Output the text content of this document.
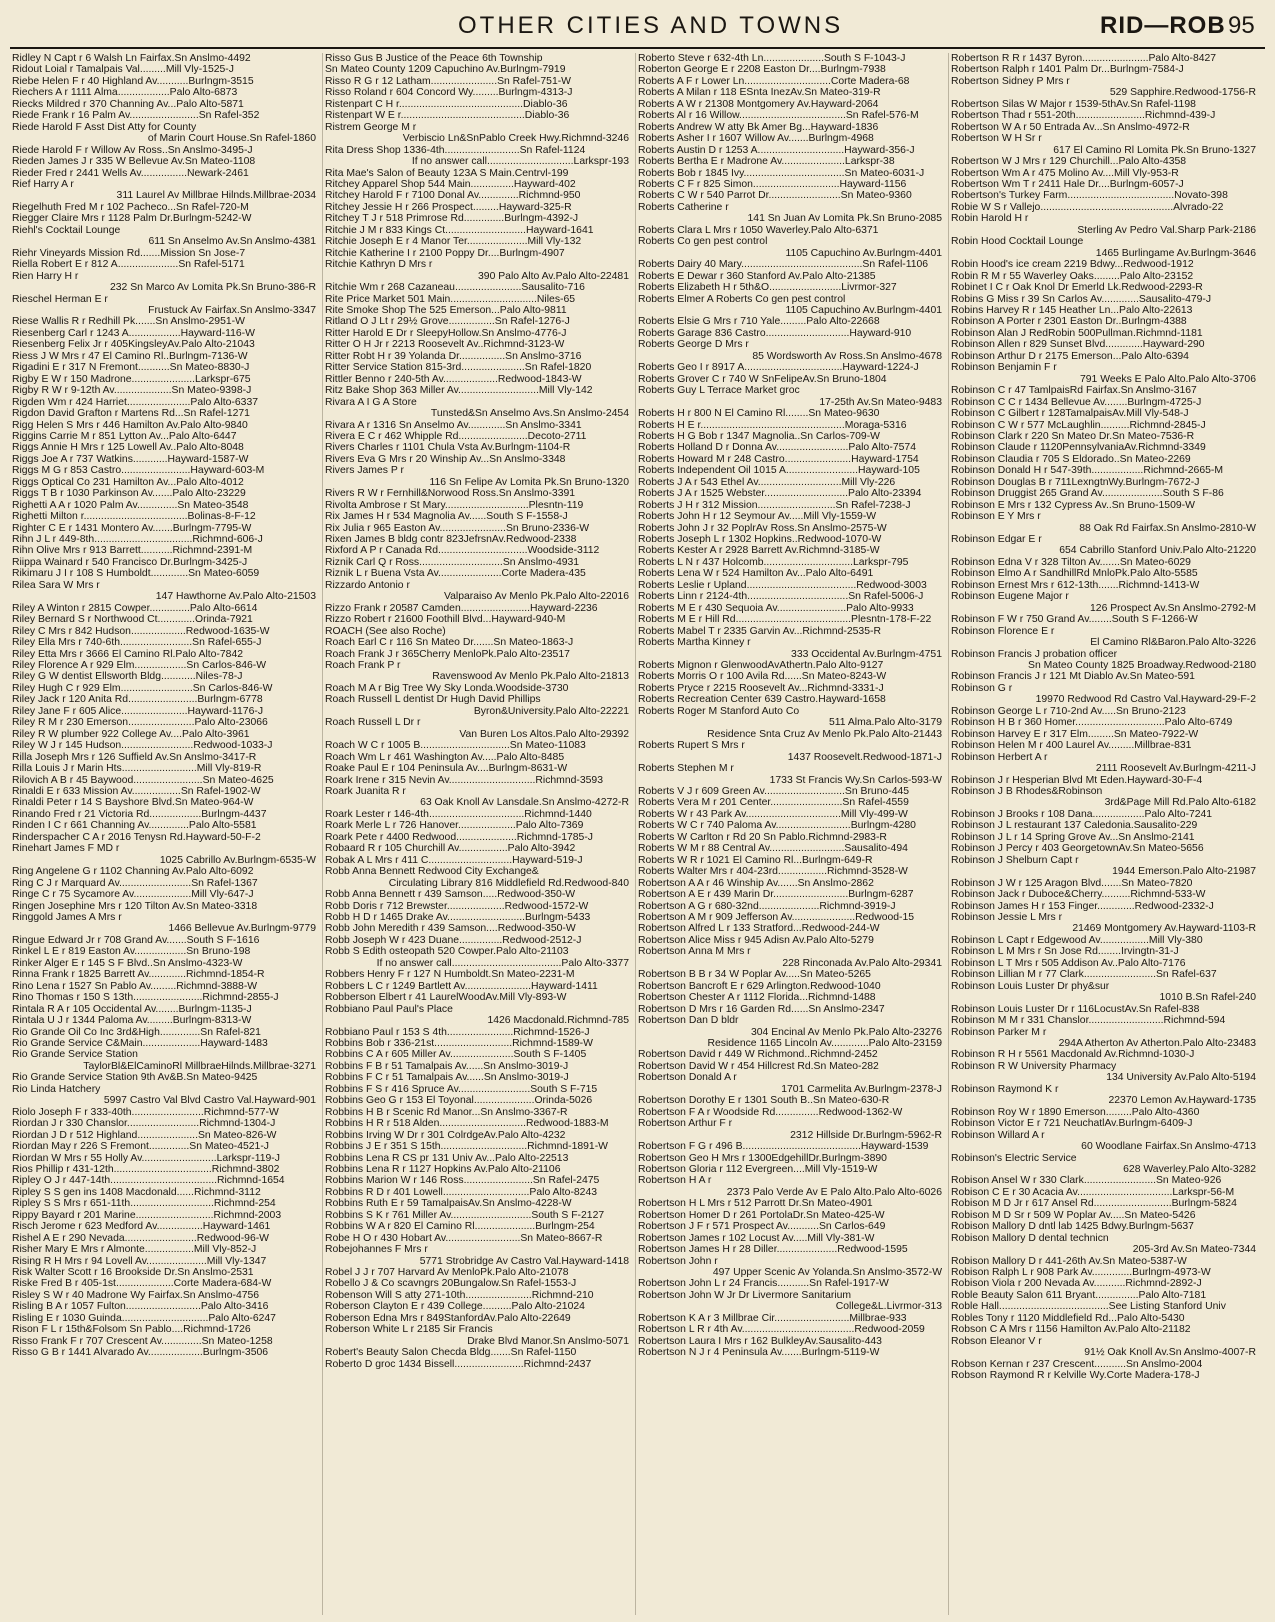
OTHER CITIES AND TOWNS	RID—ROB 95
Ridley N Capt r 6 Walsh Ln Fairfax.Sn Anslmo-4492
Ridout Loial r Tamalpais Val.........Mill Vly-1525-J
Riebe Helen F r 40 Highland Av...........Burlngm-3515
Riechers A r 1111 Alma..................Palo Alto-6873
Riecks Mildred r 370 Channing Av...Palo Alto-5871
Riede Frank r 16 Palm Av........................Sn Rafel-352
Riede Harold F Asst Dist Atty for County
of Marin Court House.Sn Rafel-1860
Riede Harold F r Willow Av Ross..Sn Anslmo-3495-J
Rieden James J r 335 W Bellevue Av.Sn Mateo-1108
Rieder Fred r 2441 Wells Av................Newark-2461
Rief Harry A r
311 Laurel Av Millbrae Hilnds.Millbrae-2034
Riegelhuth Fred M r 102 Pacheco...Sn Rafel-720-M
Riegger Claire Mrs r 1128 Palm Dr.Burlngm-5242-W
Riehl's Cocktail Lounge
611 Sn Anselmo Av.Sn Anslmo-4381
Riehr Vineyards Mission Rd.......Mission Sn Jose-7
Riella Robert E r 812 A.....................Sn Rafel-5171
Rien Harry H r
232 Sn Marco Av Lomita Pk.Sn Bruno-386-R
Rieschel Herman E r
Frustuck Av Fairfax.Sn Anslmo-3347
Riese Wallis R r Redhill Pk.......Sn Anslmo-2951-W
Riesenberg Carl r 1243 A..................Hayward-116-W
Riesenberg Felix Jr r 405KingsleyAv.Palo Alto-21043
Riess J W Mrs r 47 El Camino Rl..Burlngm-7136-W
Rigadini E r 317 N Fremont...........Sn Mateo-8830-J
Rigby E W r 150 Madrone......................Larkspr-675
Rigby R W r 9-12th Av....................Sn Mateo-9398-J
Rigden Wm r 424 Harriet......................Palo Alto-6337
Rigdon David Grafton r Martens Rd...Sn Rafel-1271
Rigg Helen S Mrs r 446 Hamilton Av.Palo Alto-9840
Riggins Carrie M r 851 Lytton Av...Palo Alto-6447
Riggs Annie H Mrs r 125 Lowell Av..Palo Alto-8048
Riggs Joe A r 737 Watkins............Hayward-1587-W
Riggs M G r 853 Castro........................Hayward-603-M
Riggs Optical Co 231 Hamilton Av...Palo Alto-4012
Riggs T B r 1030 Parkinson Av.......Palo Alto-23229
Righetti A A r 1020 Palm Av..............Sn Mateo-3548
Righetti Milton r....................................Bolinas-8-F-12
Righter C E r 1431 Montero Av.......Burlngm-7795-W
Rihn J L r 449-8th..................................Richmnd-606-J
Rihn Olive Mrs r 913 Barrett...........Richmnd-2391-M
Riippa Wainard r 540 Francisco Dr.Burlngm-3425-J
Rikimaru J I r 108 S Humboldt.............Sn Mateo-6059
Rilea Sara W Mrs r
147 Hawthorne Av.Palo Alto-21503
Riley A Winton r 2815 Cowper..............Palo Alto-6614
Riley Bernard S r Northwood Ct.............Orinda-7921
Riley C Mrs r 842 Hudson...................Redwood-1635-W
Riley Ella Mrs r 740-6th.........................Sn Rafel-655-J
Riley Etta Mrs r 3666 El Camino Rl.Palo Alto-7842
Riley Florence A r 929 Elm..................Sn Carlos-846-W
Riley G W dentist Ellsworth Bldg............Niles-78-J
Riley Hugh C r 929 Elm.........................Sn Carlos-846-W
Riley Jack r 120 Anita Rd........................Burlngm-6778
Riley Jane F r 605 Alice.......................Hayward-1176-J
Riley R M r 230 Emerson.......................Palo Alto-23066
Riley R W plumber 922 College Av....Palo Alto-3961
Riley W J r 145 Hudson.........................Redwood-1033-J
Rilla Joseph Mrs r 126 Suffield Av.Sn Anslmo-3417-R
Rilla Louis J r Marin Hts..........................Mill Vly-819-R
Rilovich A B r 45 Baywood........................Sn Mateo-4625
Rinaldi E r 633 Mission Av.................Sn Rafel-1902-W
Rinaldi Peter r 14 S Bayshore Blvd.Sn Mateo-964-W
Rinando Fred r 21 Victoria Rd..................Burlngm-4437
Rinden I C r 661 Channing Av..............Palo Alto-5581
Rinderspacher C A r 2016 Tenysn Rd.Hayward-50-F-2
Rinehart James F MD r
1025 Cabrillo Av.Burlngm-6535-W
Ring Angelene G r 1102 Channing Av.Palo Alto-6092
Ring C J r Marquard Av.........................Sn Rafel-1367
Ringe C r 75 Sycamore Av....................Mill Vly-647-J
Ringen Josephine Mrs r 120 Tilton Av.Sn Mateo-3318
Ringgold James A Mrs r
1466 Bellevue Av.Burlngm-9779
Ringue Edward Jr r 708 Grand Av.......South S F-1616
Rinkel L E r 819 Easton Av..................Sn Bruno-198
Rinker Alger E r 145 S F Blvd..Sn Anslmo-4323-W
Rinna Frank r 1825 Barrett Av.............Richmnd-1854-R
Rino Lena r 1527 Sn Pablo Av.........Richmnd-3888-W
Rino Thomas r 150 S 13th........................Richmnd-2855-J
Rintala R A r 105 Occidental Av........Burlngm-1135-J
Rintala U J r 1344 Paloma Av.........Burlngm-8313-W
Rio Grande Oil Co Inc 3rd&High..............Sn Rafel-821
Rio Grande Service C&Main....................Hayward-1483
Rio Grande Service Station
TaylorBl&ElCaminoRl MillbraeHilnds.Millbrae-3271
Rio Grande Service Station 9th Av&B.Sn Mateo-9425
Rio Linda Hatchery
5997 Castro Val Blvd Castro Val.Hayward-901
Riolo Joseph F r 333-40th.........................Richmnd-577-W
Riordan J r 330 Chanslor.........................Richmnd-1304-J
Riordan J D r 512 Highland.....................Sn Mateo-826-W
Riordan May r 226 S Fremont..............Sn Mateo-4521-J
Riordan W Mrs r 55 Holly Av..........................Larkspr-119-J
Rios Phillip r 431-12th..................................Richmnd-3802
Ripley O J r 447-14th.....................................Richmnd-1654
Ripley S S gen ins 1408 Macdonald......Richmnd-3112
Ripley S S Mrs r 651-11th.............................Richmnd-254
Rippy Bayard r 201 Marine...........................Richmnd-2003
Risch Jerome r 623 Medford Av................Hayward-1461
Rishel A E r 290 Nevada.........................Redwood-96-W
Risher Mary E Mrs r Almonte.................Mill Vly-852-J
Rising R H Mrs r 94 Lovell Av.....................Mill Vly-1347
Risk Walter Scott r 16 Brookside Dr.Sn Anslmo-2531
Riske Fred B r 405-1st....................Corte Madera-684-W
Risley S W r 40 Madrone Wy Fairfax.Sn Anslmo-4756
Risling B A r 1057 Fulton..........................Palo Alto-3416
Risling E r 1030 Guinda..............................Palo Alto-6247
Rison F L r 15th&Folsom Sn Pablo....Richmnd-1726
Risso Frank F r 707 Crescent Av..............Sn Mateo-1258
Risso G B r 1441 Alvarado Av...................Burlngm-3506
Risso Gus B Justice of the Peace 6th Township
Sn Mateo County 1209 Capuchino Av.Burlngm-7919
Risso R G r 12 Latham.......................Sn Rafel-751-W
Risso Roland r 604 Concord Wy.........Burlngm-4313-J
Ristenpart C H r...........................................Diablo-36
Ristenpart W E r...........................................Diablo-36
Ristrem George M r
Verbiscio Ln&SnPablo Creek Hwy.Richmnd-3246
Rita Dress Shop 1336-4th..........................Sn Rafel-1124
If no answer call..............................Larkspr-193
Rita Mae's Salon of Beauty 123A S Main.Centrvl-199
Ritchey Apparel Shop 544 Main...............Hayward-402
Ritchey Harold F r 7100 Donal Av..............Richmnd-950
Ritchey Jessie H r 266 Prospect.........Hayward-325-R
Ritchey T J r 518 Primrose Rd..............Burlngm-4392-J
Ritchie J M r 833 Kings Ct............................Hayward-1641
Ritchie Joseph E r 4 Manor Ter.....................Mill Vly-132
Ritchie Katherine I r 2100 Poppy Dr....Burlngm-4907
Ritchie Kathryn D Mrs r
390 Palo Alto Av.Palo Alto-22481
Ritchie Wm r 268 Cazaneau.......................Sausalito-716
Rite Price Market 501 Main..............................Niles-65
Rite Smoke Shop The 525 Emerson...Palo Alto-9811
Ritland O J Lt r 29½ Grove................Sn Rafel-1276-J
Ritter Harold E Dr r SleepyHollow.Sn Anslmo-4776-J
Ritter O H Jr r 2213 Roosevelt Av..Richmnd-3123-W
Ritter Robt H r 39 Yolanda Dr................Sn Anslmo-3716
Ritter Service Station 815-3rd......................Sn Rafel-1820
Rittler Benno r 240-5th Av...................Redwood-1843-W
Ritz Bake Shop 363 Miller Av............................Mill Vly-142
Rivara A I G A Store
Tunsted&Sn Anselmo Avs.Sn Anslmo-2454
Rivara A r 1316 Sn Anselmo Av.............Sn Anslmo-3341
Rivera E C r 462 Whipple Rd........................Decoto-2711
Rivers Charles r 1101 Chula Vsta Av.Burlngm-1104-R
Rivers Eva G Mrs r 20 Winship Av...Sn Anslmo-3348
Rivers James P r
116 Sn Felipe Av Lomita Pk.Sn Bruno-1320
Rivers R W r Fernhill&Norwood Ross.Sn Anslmo-3391
Rivolta Ambrose r St Mary.............................Plesntn-119
Rix James H r 534 Magnolia Av......South S F-1558-J
Rix Julia r 965 Easton Av.......................Sn Bruno-2336-W
Rixen James B bldg contr 823JefrsnAv.Redwood-2338
Rixford A P r Canada Rd...............................Woodside-3112
Riznik Carl Q r Ross.............................Sn Anslmo-4931
Riznik L r Buena Vsta Av......................Corte Madera-435
Rizzardo Antonio r
Valparaiso Av Menlo Pk.Palo Alto-22016
Rizzo Frank r 20587 Camden........................Hayward-2236
Rizzo Robert r 21600 Foothill Blvd...Hayward-940-M
ROACH (See also Roche)
Roach Earl C r 116 Sn Mateo Dr.......Sn Mateo-1863-J
Roach Frank J r 365Cherry MenloPk.Palo Alto-23517
Roach Frank P r
Ravenswood Av Menlo Pk.Palo Alto-21813
Roach M A r Big Tree Wy Sky Londa.Woodside-3730
Roach Russell L dentist Dr Hugh David Phillips
Byron&University.Palo Alto-22221
Roach Russell L Dr r
Van Buren Los Altos.Palo Alto-29392
Roach W C r 1005 B...............................Sn Mateo-11083
Roach Wm L r 461 Washington Av.....Palo Alto-8485
Roake Paul E r 104 Peninsula Av....Burlngm-8631-W
Roark Irene r 315 Nevin Av..............................Richmnd-3593
Roark Juanita R r
63 Oak Knoll Av Lansdale.Sn Anslmo-4272-R
Roark Lester r 146-4th.................................Richmnd-1440
Roark Merle L r 726 Hanover....................Palo Alto-7369
Roark Pete r 4400 Redwood.....................Richmnd-1785-J
Robaard R r 105 Churchill Av.................Palo Alto-3942
Robak A L Mrs r 411 C.............................Hayward-519-J
Robb Anna Bennett Redwood City Exchange&
Circulating Library 816 Middlefield Rd.Redwood-840
Robb Anna Bennett r 439 Samson.....Redwood-350-W
Robb Doris r 712 Brewster....................Redwood-1572-W
Robb H D r 1465 Drake Av...........................Burlngm-5433
Robb John Meredith r 439 Samson....Redwood-350-W
Robb Joseph W r 423 Duane...............Redwood-2512-J
Robb S Edith osteopath 520 Cowper.Palo Alto-21103
If no answer call......................................Palo Alto-3377
Robbers Henry F r 127 N Humboldt.Sn Mateo-2231-M
Robbers L C r 1249 Bartlett Av.......................Hayward-1411
Robberson Elbert r 41 LaurelWoodAv.Mill Vly-893-W
Robbiano Paul Paul's Place
1426 Macdonald.Richmnd-785
Robbiano Paul r 153 S 4th.......................Richmnd-1526-J
Robbins Bob r 336-21st...........................Richmnd-1589-W
Robbins C A r 605 Miller Av......................South S F-1405
Robbins F B r 51 Tamalpais Av......Sn Anslmo-3019-J
Robbins F C r 51 Tamalpais Av......Sn Anslmo-3019-J
Robbins F S r 416 Spruce Av.........................South S F-715
Robbins Geo G r 153 El Toyonal.....................Orinda-5026
Robbins H B r Scenic Rd Manor...Sn Anslmo-3367-R
Robbins H R r 518 Alden..............................Redwood-1883-M
Robbins Irving W Dr r 301 ColrdgeAv.Palo Alto-4232
Robbins J E r 351 S 15th..............................Richmnd-1891-W
Robbins Lena R CS pr 131 Univ Av...Palo Alto-22513
Robbins Lena R r 1127 Hopkins Av.Palo Alto-21106
Robbins Marion W r 146 Ross........................Sn Rafel-2475
Robbins R D r 401 Lowell..............................Palo Alto-8243
Robbins Ruth E r 59 TamalpaisAv.Sn Anslmo-4228-W
Robbins S K r 761 Miller Av............................South S F-2127
Robbins W A r 820 El Camino Rl.....................Burlngm-254
Robe H O r 430 Hobart Av..........................Sn Mateo-8667-R
Robejohannes F Mrs r
5771 Strobridge Av Castro Val.Hayward-1418
Robel J J r 707 Harvard Av MenloPk.Palo Alto-21078
Robello J & Co scavngrs 20Bungalow.Sn Rafel-1553-J
Robenson Will S atty 271-10th.......................Richmnd-210
Roberson Clayton E r 439 College..........Palo Alto-21024
Roberson Edna Mrs r 849StanfordAv.Palo Alto-22649
Roberson White L r 2185 Sir Francis
Drake Blvd Manor.Sn Anslmo-5071
Robert's Beauty Salon Checda Bldg.......Sn Rafel-1150
Roberto D groc 1434 Bissell........................Richmnd-2437
Roberto Steve r 632-4th Ln.....................South S F-1043-J
Roberton George E r 2208 Easton Dr....Burlngm-7938
Roberts A F r Lower Ln..............................Corte Madera-68
Roberts A Milan r 118 ESnta InezAv.Sn Mateo-319-R
Roberts A W r 21308 Montgomery Av.Hayward-2064
Roberts Al r 16 Willow.....................................Sn Rafel-576-M
Roberts Andrew W atty Bk Amer Bg...Hayward-1836
Roberts Asher I r 1607 Willow Av.......Burlngm-4968
Roberts Austin D r 1253 A..............................Hayward-356-J
Roberts Bertha E r Madrone Av......................Larkspr-38
Roberts Bob r 1845 Ivy...................................Sn Mateo-6031-J
Roberts C F r 825 Simon..............................Hayward-1156
Roberts C W r 540 Parrot Dr.........................Sn Mateo-9360
Roberts Catherine r
141 Sn Juan Av Lomita Pk.Sn Bruno-2085
Roberts Clara L Mrs r 1050 Waverley.Palo Alto-6371
Roberts Co gen pest control
1105 Capuchino Av.Burlngm-4401
Roberts Dairy 40 Mary..........................................Sn Rafel-1106
Roberts E Dewar r 360 Stanford Av.Palo Alto-21385
Roberts Elizabeth H r 5th&O.........................Livrmor-327
Roberts Elmer A Roberts Co gen pest control
1105 Capuchino Av.Burlngm-4401
Roberts Elsie G Mrs r 710 Yale.........Palo Alto-22668
Roberts Garage 836 Castro.............................Hayward-910
Roberts George D Mrs r
85 Wordsworth Av Ross.Sn Anslmo-4678
Roberts Geo I r 8917 A..................................Hayward-1224-J
Roberts Grover C r 740 W SnFelipeAv.Sn Bruno-1804
Roberts Guy L Terrace Market groc
17-25th Av.Sn Mateo-9483
Roberts H r 800 N El Camino Rl........Sn Mateo-9630
Roberts H E r..................................................Moraga-5316
Roberts H G Bob r 1347 Magnolia..Sn Carlos-709-W
Roberts Holland D r Donna Av.........................Palo Alto-7574
Roberts Howard M r 248 Castro.......................Hayward-1754
Roberts Independent Oil 1015 A.........................Hayward-105
Roberts J A r 543 Ethel Av.............................Mill Vly-226
Roberts J A r 1525 Webster.............................Palo Alto-23394
Roberts J H r 312 Mission...........................Sn Rafel-7238-J
Roberts John H r 12 Seymour Av.....Mill Vly-1559-W
Roberts John J r 32 PoplrAv Ross.Sn Anslmo-2575-W
Roberts Joseph L r 1302 Hopkins..Redwood-1070-W
Roberts Kester A r 2928 Barrett Av.Richmnd-3185-W
Roberts L N r 437 Holcomb...............................Larkspr-795
Roberts Lena W r 524 Hamilton Av...Palo Alto-6491
Roberts Leslie r Upland......................................Redwood-3003
Roberts Linn r 2124-4th...................................Sn Rafel-5006-J
Roberts M E r 430 Sequoia Av........................Palo Alto-9933
Roberts M E r Hill Rd........................................Plesntn-178-F-22
Roberts Mabel T r 2335 Garvin Av...Richmnd-2535-R
Roberts Martha Kinney r
333 Occidental Av.Burlngm-4751
Roberts Mignon r GlenwoodAvAthertn.Palo Alto-9127
Roberts Morris O r 100 Avila Rd......Sn Mateo-8243-W
Roberts Pryce r 2215 Roosevelt Av...Richmnd-3331-J
Roberts Recreation Center 639 Castro.Hayward-1658
Roberts Roger M Stanford Auto Co
511 Alma.Palo Alto-3179
Residence Snta Cruz Av Menlo Pk.Palo Alto-21443
Roberts Rupert S Mrs r
1437 Roosevelt.Redwood-1871-J
Roberts Stephen M r
1733 St Francis Wy.Sn Carlos-593-W
Roberts V J r 609 Green Av............................Sn Bruno-445
Roberts Vera M r 201 Center.........................Sn Rafel-4559
Roberts W r 43 Park Av.................................Mill Vly-499-W
Roberts W C r 740 Paloma Av..........................Burlngm-4280
Roberts W Carlton r Rd 20 Sn Pablo.Richmnd-2983-R
Roberts W M r 88 Central Av..........................Sausalito-494
Roberts W R r 1021 El Camino Rl...Burlngm-649-R
Roberts Walter Mrs r 404-23rd.................Richmnd-3528-W
Robertson A A r 46 Winship Av.......Sn Anslmo-2862
Robertson A E r 439 Marin Dr..........................Burlngm-6287
Robertson A G r 680-32nd.....................Richmnd-3919-J
Robertson A M r 909 Jefferson Av......................Redwood-15
Robertson Alfred L r 133 Stratford...Redwood-244-W
Robertson Alice Miss r 945 Adisn Av.Palo Alto-5279
Robertson Anna M Mrs r
228 Rinconada Av.Palo Alto-29341
Robertson B B r 34 W Poplar Av.....Sn Mateo-5265
Robertson Bancroft E r 629 Arlington.Redwood-1040
Robertson Chester A r 1112 Florida...Richmnd-1488
Robertson D Mrs r 16 Garden Rd......Sn Anslmo-2347
Robertson Dan D bldr
304 Encinal Av Menlo Pk.Palo Alto-23276
Residence 1165 Lincoln Av.............Palo Alto-23159
Robertson David r 449 W Richmond..Richmnd-2452
Robertson David W r 454 Hillcrest Rd.Sn Mateo-282
Robertson Donald A r
1701 Carmelita Av.Burlngm-2378-J
Robertson Dorothy E r 1301 South B..Sn Mateo-630-R
Robertson F A r Woodside Rd...............Redwood-1362-W
Robertson Arthur F r
2312 Hillside Dr.Burlngm-5962-R
Robertson F G r 496 B.........................................Hayward-1539
Robertson Geo H Mrs r 1300EdgehillDr.Burlngm-3890
Robertson Gloria r 112 Evergreen....Mill Vly-1519-W
Robertson H A r
2373 Palo Verde Av E Palo Alto.Palo Alto-6026
Robertson H L Mrs r 512 Parrott Dr.Sn Mateo-4901
Robertson Homer D r 261 PortolaDr.Sn Mateo-425-W
Robertson J F r 571 Prospect Av...........Sn Carlos-649
Robertson James r 102 Locust Av.....Mill Vly-381-W
Robertson James H r 28 Diller.....................Redwood-1595
Robertson John r
497 Upper Scenic Av Yolanda.Sn Anslmo-3572-W
Robertson John L r 24 Francis...........Sn Rafel-1917-W
Robertson John W Jr Dr Livermore Sanitarium
College&L.Livrmor-313
Robertson K A r 3 Millbrae Cir..........................Millbrae-933
Robertson L R r 4th Av.......................................Redwood-2059
Robertson Laura I Mrs r 162 BulkleyAv.Sausalito-443
Robertson N J r 4 Peninsula Av.......Burlngm-5119-W
Robertson R R r 1437 Byron.......................Palo Alto-8427
Robertson Ralph r 1401 Palm Dr...Burlngm-7584-J
Robertson Sidney P Mrs r
529 Sapphire.Redwood-1756-R
Robertson Silas W Major r 1539-5thAv.Sn Rafel-1198
Robertson Thad r 551-20th........................Richmnd-439-J
Robertson W A r 50 Entrada Av...Sn Anslmo-4972-R
Robertson W H Sr r
617 El Camino Rl Lomita Pk.Sn Bruno-1327
Robertson W J Mrs r 129 Churchill...Palo Alto-4358
Robertson Wm A r 475 Molino Av....Mill Vly-953-R
Robertson Wm T r 2411 Hale Dr....Burlngm-6057-J
Robertson's Turkey Farm.....................................Novato-398
Robie W S r Vallejo..............................................Alvrado-22
Robin Harold H r
Sterling Av Pedro Val.Sharp Park-2186
Robin Hood Cocktail Lounge
1465 Burlingame Av.Burlngm-3646
Robin Hood's ice cream 2219 Bdwy...Redwood-1912
Robin R M r 55 Waverley Oaks.........Palo Alto-23152
Robinet I C r Oak Knol Dr Emerld Lk.Redwood-2293-R
Robins G Miss r 39 Sn Carlos Av.............Sausalito-479-J
Robins Harvey R r 145 Heather Ln...Palo Alto-22613
Robinson A Porter r 2301 Easton Dr..Burlngm-4388
Robinson Alan J RedRobin 500Pullman.Richmnd-1181
Robinson Allen r 829 Sunset Blvd.............Hayward-290
Robinson Arthur D r 2175 Emerson...Palo Alto-6394
Robinson Benjamin F r
791 Weeks E Palo Alto.Palo Alto-3706
Robinson C r 47 TamlpaisRd Fairfax.Sn Anslmo-3167
Robinson C C r 1434 Bellevue Av........Burlngm-4725-J
Robinson C Gilbert r 128TamalpaisAv.Mill Vly-548-J
Robinson C W r 577 McLaughlin..........Richmnd-2845-J
Robinson Clark r 220 Sn Mateo Dr.Sn Mateo-7536-R
Robinson Claude r 1120PennsylvaniaAv.Richmnd-3349
Robinson Claudia r 705 S Eldorado..Sn Mateo-2269
Robinson Donald H r 547-39th..................Richmnd-2665-M
Robinson Douglas B r 711LexngtnWy.Burlngm-7672-J
Robinson Druggist 265 Grand Av.....................South S F-86
Robinson E Mrs r 132 Cypress Av..Sn Bruno-1509-W
Robinson E Y Mrs r
88 Oak Rd Fairfax.Sn Anslmo-2810-W
Robinson Edgar E r
654 Cabrillo Stanford Univ.Palo Alto-21220
Robinson Edna V r 328 Tilton Av.......Sn Mateo-6029
Robinson Elmo A r SandhillRd MnloPk.Palo Alto-5585
Robinson Ernest Mrs r 612-13th.......Richmnd-1413-W
Robinson Eugene Major r
126 Prospect Av.Sn Anslmo-2792-M
Robinson F W r 750 Grand Av........South S F-1266-W
Robinson Florence E r
El Camino Rl&Baron.Palo Alto-3226
Robinson Francis J probation officer
Sn Mateo County 1825 Broadway.Redwood-2180
Robinson Francis J r 121 Mt Diablo Av.Sn Mateo-591
Robinson G r
19970 Redwood Rd Castro Val.Hayward-29-F-2
Robinson George L r 710-2nd Av.....Sn Bruno-2123
Robinson H B r 360 Homer...............................Palo Alto-6749
Robinson Harvey E r 317 Elm.........Sn Mateo-7922-W
Robinson Helen M r 400 Laurel Av.........Millbrae-831
Robinson Herbert A r
2111 Roosevelt Av.Burlngm-4211-J
Robinson J r Hesperian Blvd Mt Eden.Hayward-30-F-4
Robinson J B Rhodes&Robinson
3rd&Page Mill Rd.Palo Alto-6182
Robinson J Brooks r 108 Dana..................Palo Alto-7241
Robinson J L restaurant 137 Caledonia.Sausalito-229
Robinson J L r 14 Spring Grove Av...Sn Anslmo-2141
Robinson J Percy r 403 GeorgetownAv.Sn Mateo-5656
Robinson J Shelburn Capt r
1944 Emerson.Palo Alto-21987
Robinson J W r 125 Aragon Blvd.......Sn Mateo-7820
Robinson Jack r Duboce&Cherry..........Richmnd-533-W
Robinson James H r 153 Finger.............Redwood-2332-J
Robinson Jessie L Mrs r
21469 Montgomery Av.Hayward-1103-R
Robinson L Capt r Edgewood Av.................Mill Vly-380
Robinson L M Mrs r Sn Jose Rd........Irvingtn-31-J
Robinson L T Mrs r 505 Addison Av..Palo Alto-7176
Robinson Lillian M r 77 Clark.........................Sn Rafel-637
Robinson Louis Luster Dr phy&sur
1010 B.Sn Rafel-240
Robinson Louis Luster Dr r 116LocustAv.Sn Rafel-838
Robinson M M r 331 Chanslor..........................Richmnd-594
Robinson Parker M r
294A Atherton Av Atherton.Palo Alto-23483
Robinson R H r 5561 Macdonald Av.Richmnd-1030-J
Robinson R W University Pharmacy
134 University Av.Palo Alto-5194
Robinson Raymond K r
22370 Lemon Av.Hayward-1735
Robinson Roy W r 1890 Emerson.........Palo Alto-4360
Robinson Victor E r 721 NeuchatlAv.Burlngm-6409-J
Robinson Willard A r
60 Woodlane Fairfax.Sn Anslmo-4713
Robinson's Electric Service
628 Waverley.Palo Alto-3282
Robison Ansel W r 330 Clark.........................Sn Mateo-926
Robison C E r 30 Acacia Av.................................Larkspr-56-M
Robison M D Jr r 617 Ansel Rd...........................Burlngm-5824
Robison M D Sr r 509 W Poplar Av.....Sn Mateo-5426
Robison Mallory D dntl lab 1425 Bdwy.Burlngm-5637
Robison Mallory D dental technicn
205-3rd Av.Sn Mateo-7344
Robison Mallory D r 441-26th Av.Sn Mateo-5387-W
Robison Ralph L r 908 Park Av..............Burlngm-4973-W
Robison Viola r 200 Nevada Av...........Richmnd-2892-J
Roble Beauty Salon 611 Bryant...............Palo Alto-7181
Roble Hall......................................See Listing Stanford Univ
Robles Tony r 1120 Middlefield Rd...Palo Alto-5430
Robson C A Mrs r 1156 Hamilton Av.Palo Alto-21182
Robson Eleanor V r
91½ Oak Knoll Av.Sn Anslmo-4007-R
Robson Kernan r 237 Crescent...........Sn Anslmo-2004
Robson Raymond R r Kelville Wy.Corte Madera-178-J
